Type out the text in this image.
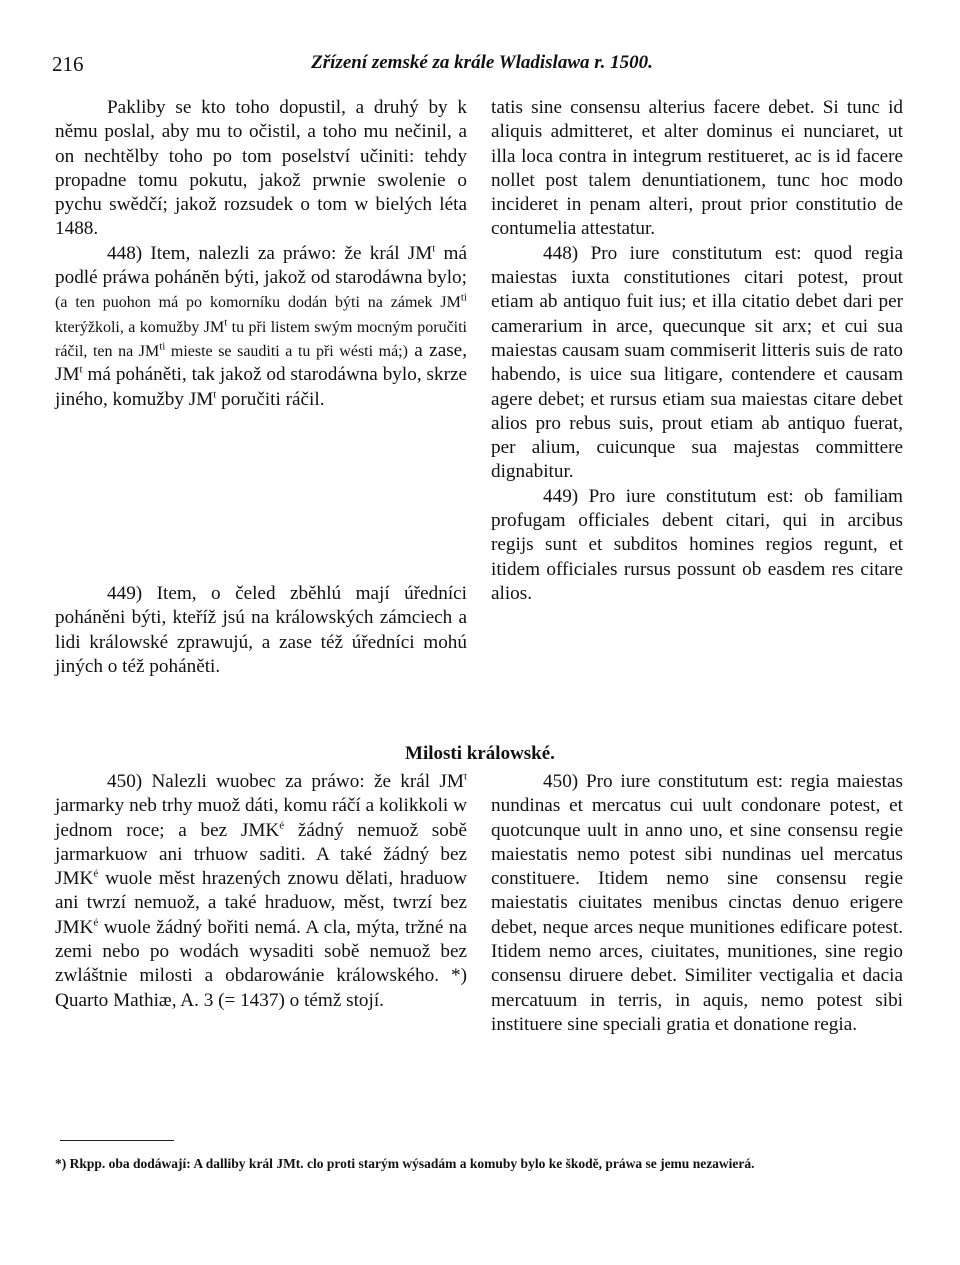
216	Zřízení zemské za krále Wladislawa r. 1500.

Pakliby se kto toho dopustil, a druhý by k němu poslal, aby mu to očistil, a toho mu nečinil, a on nechtělby toho po tom poselství učiniti: tehdy propadne tomu pokutu, jakož prwnie swolenie o pychu swědčí; jakož rozsudek o tom w bielých léta 1488.

448) Item, nalezli za práwo: že král $JM^t$ má podlé práwa pohánĕn býti, jakož od starodáwna bylo; (a ten puohon má po komorníku dodán býti na zámek $JM^{ti}$ kterýžkoli, a komužby $JM^t$ tu při listem swým mocným poručiti ráčil, ten na $JM^{ti}$ mieste se sauditi a tu při wésti má;) a zase, $JM^t$ má poháněti, tak jakož od starodáwna bylo, skrze jiného, komužby $JM^t$ poručiti ráčil.

449) Item, o čeled zběhlú mají úředníci poháněni býti, kteříž jsú na králowských zámciech a lidi králowské zprawujú, a zase též úředníci mohú jiných o též poháněti.

tatis sine consensu alterius facere debet. Si tunc id aliquis admitteret, et alter dominus ei nunciaret, ut illa loca contra in integrum restitueret, ac is id facere nollet post talem denuntiationem, tunc hoc modo incideret in penam alteri, prout prior constitutio de contumelia attestatur.

448) Pro iure constitutum est: quod regia maiestas iuxta constitutiones citari potest, prout etiam ab antiquo fuit ius; et illa citatio debet dari per camerarium in arce, quecunque sit arx; et cui sua maiestas causam suam commiserit litteris suis de rato habendo, is uice sua litigare, contendere et causam agere debet; et rursus etiam sua maiestas citare debet alios pro rebus suis, prout etiam ab antiquo fuerat, per alium, cuicunque sua majestas committere dignabitur.

449) Pro iure constitutum est: ob familiam profugam officiales debent citari, qui in arcibus regijs sunt et subditos homines regios regunt, et itidem officiales rursus possunt ob easdem res citare alios.

Milosti králowské.

450) Nalezli wuobec za práwo: že král $JM^t$ jarmarky neb trhy muož dáti, komu ráčí a kolikkoli w jednom roce; a bez $JMK^é$ žádný nemuož sobě jarmarkuow ani trhuow saditi. A také žádný bez $JMK^é$ wuole měst hrazených znowu dělati, hraduow ani twrzí nemuož, a také hraduow, měst, twrzí bez $JMK^é$ wuole žádný bořiti nemá. A cla, mýta, tržné na zemi nebo po wodách wysaditi sobě nemuož bez zwláštnie milosti a obdarowánie králowského. *) Quarto Mathiæ, A. 3 (= 1437) o témž stojí.

450) Pro iure constitutum est: regia maiestas nundinas et mercatus cui uult condonare potest, et quotcunque uult in anno uno, et sine consensu regie maiestatis nemo potest sibi nundinas uel mercatus constituere. Itidem nemo sine consensu regie maiestatis ciuitates menibus cinctas denuo erigere debet, neque arces neque munitiones edificare potest. Itidem nemo arces, ciuitates, munitiones, sine regio consensu diruere debet. Similiter vectigalia et dacia mercatuum in terris, in aquis, nemo potest sibi instituere sine speciali gratia et donatione regia.

*) Rkpp. oba dodáwají: A dalliby král JMt. clo proti starým wýsadám a komuby bylo ke škodě, práwa se jemu nezawierá.
